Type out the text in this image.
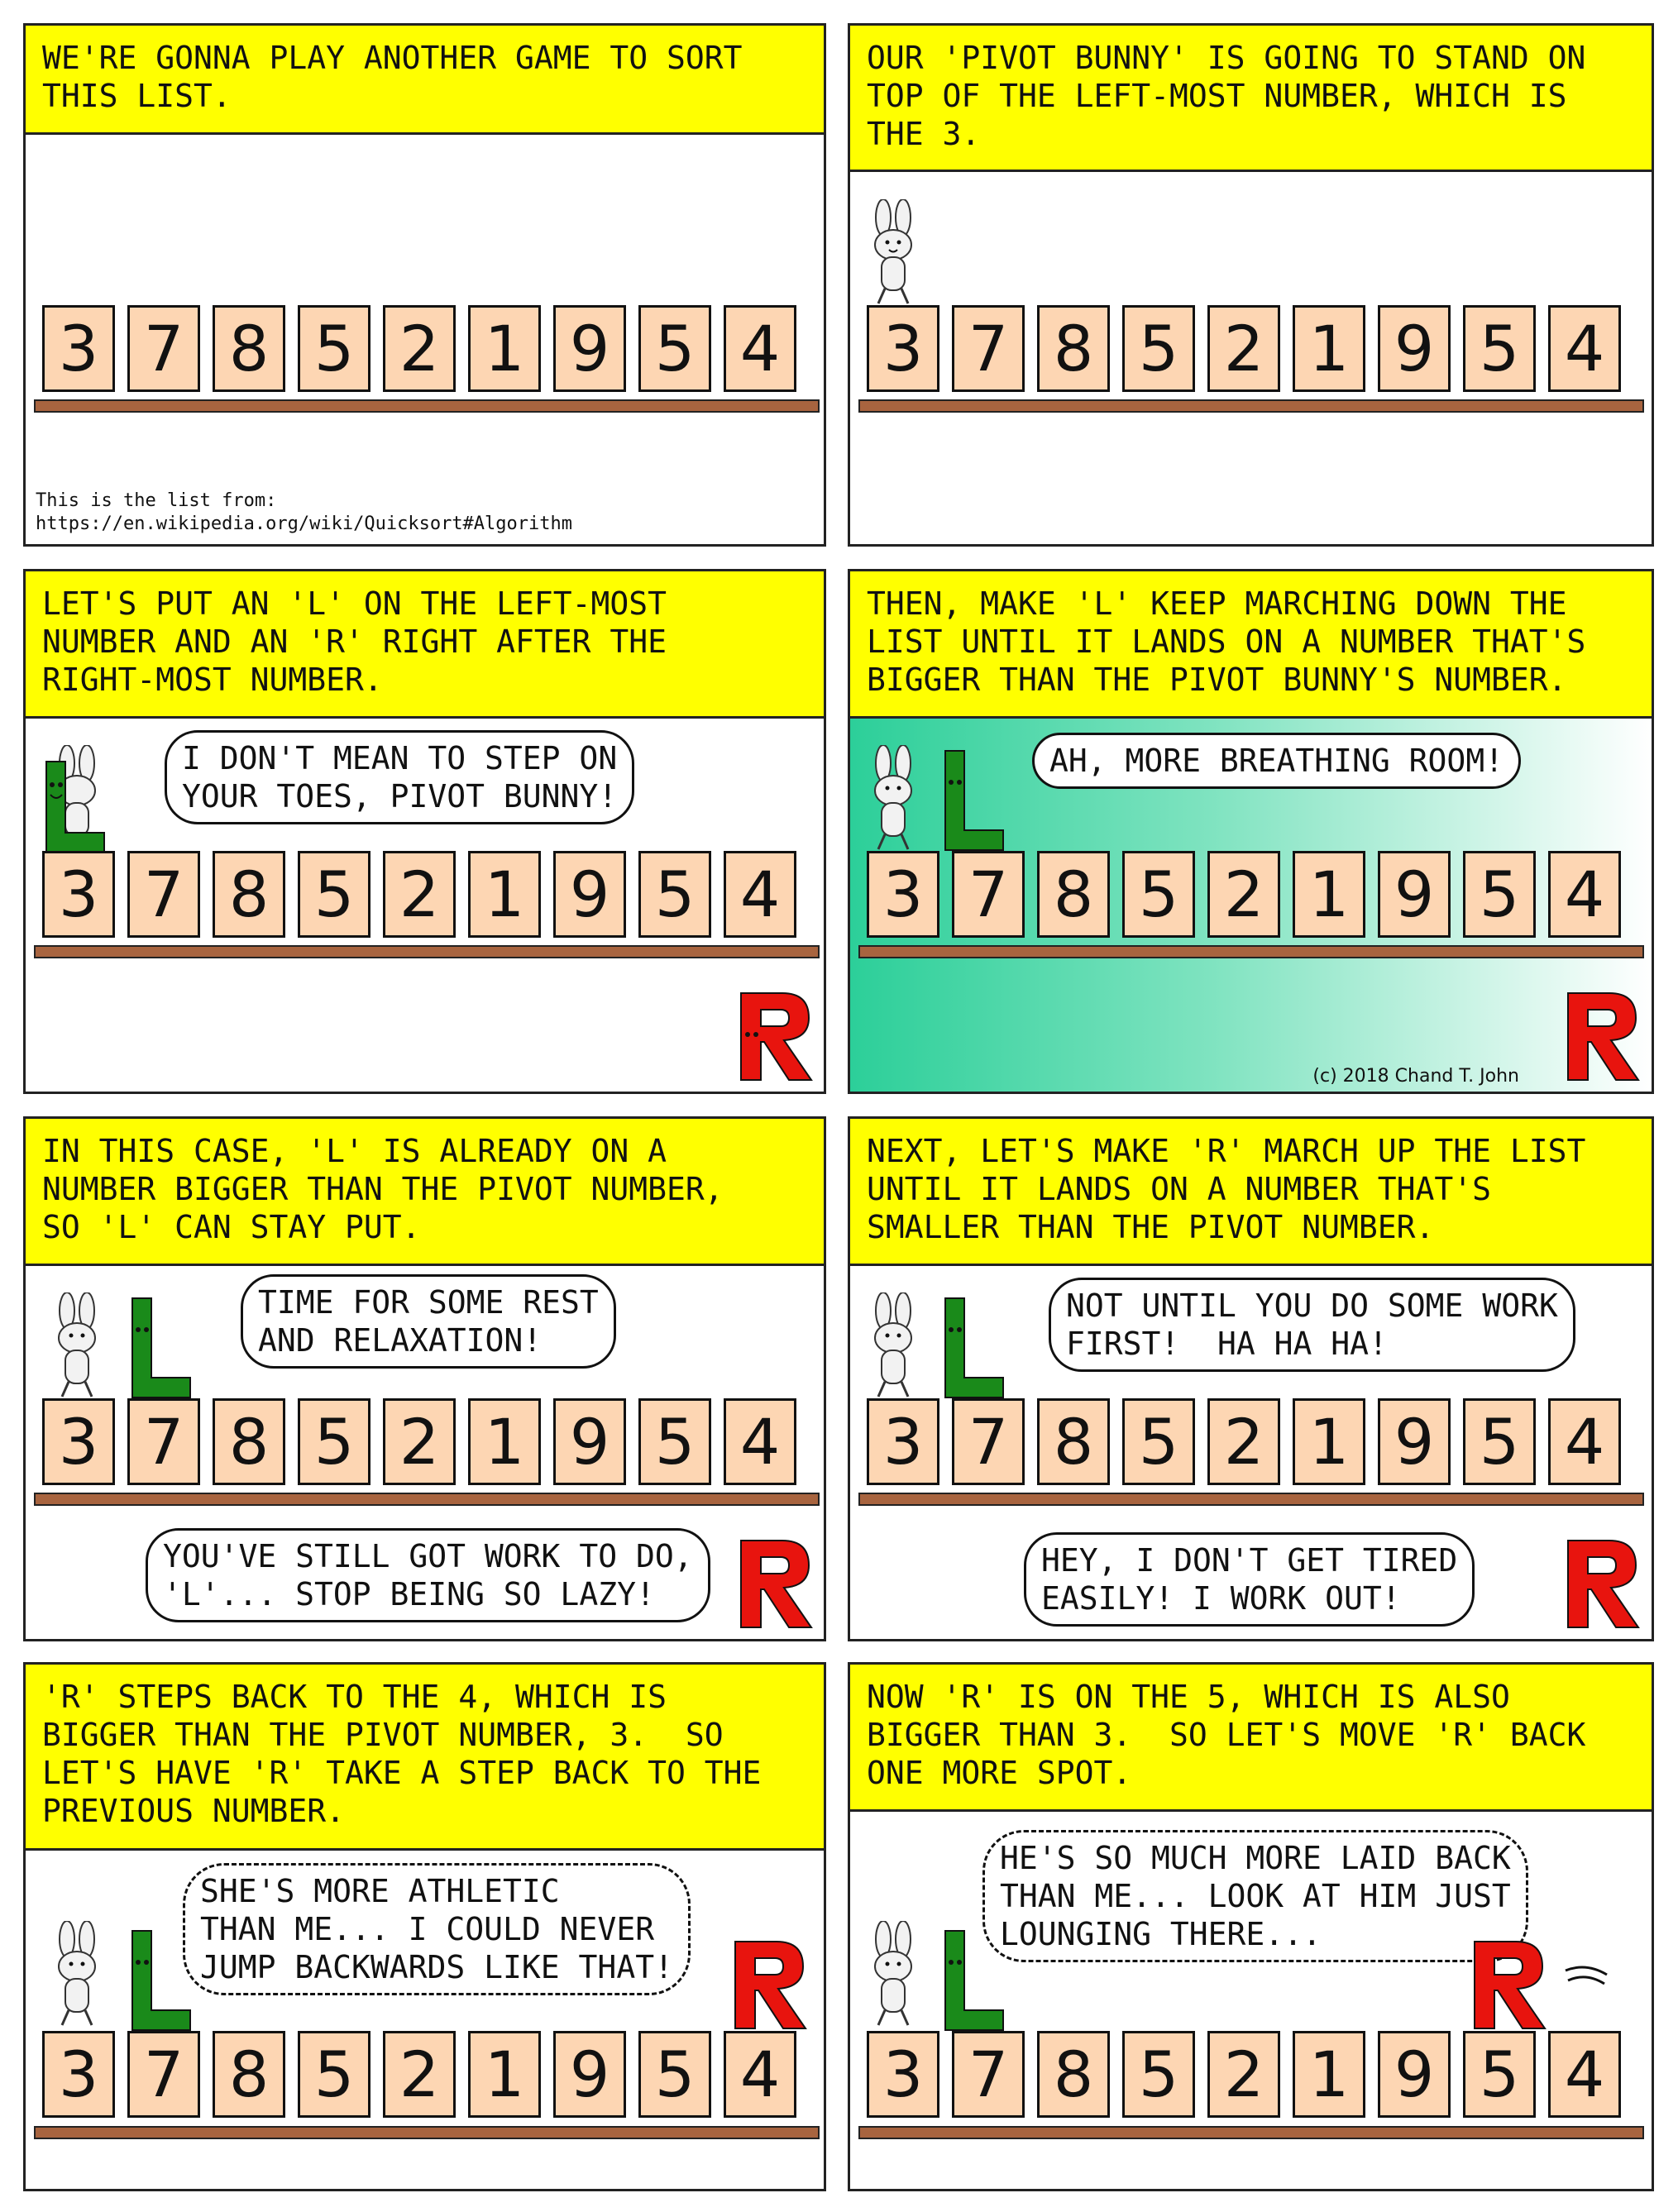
WE'RE GONNA PLAY ANOTHER GAME TO SORT
THIS LIST.
3 7 8 5 2 1 9 5 4
This is the list from:
https://en.wikipedia.org/wiki/Quicksort#Algorithm
OUR 'PIVOT BUNNY' IS GOING TO STAND ON
TOP OF THE LEFT-MOST NUMBER, WHICH IS
THE 3.
3 7 8 5 2 1 9 5 4
LET'S PUT AN 'L' ON THE LEFT-MOST
NUMBER AND AN 'R' RIGHT AFTER THE
RIGHT-MOST NUMBER.
I DON'T MEAN TO STEP ON
YOUR TOES, PIVOT BUNNY!
3 7 8 5 2 1 9 5 4
THEN, MAKE 'L' KEEP MARCHING DOWN THE
LIST UNTIL IT LANDS ON A NUMBER THAT'S
BIGGER THAN THE PIVOT BUNNY'S NUMBER.
AH, MORE BREATHING ROOM!
3 7 8 5 2 1 9 5 4
(c) 2018 Chand T. John
IN THIS CASE, 'L' IS ALREADY ON A
NUMBER BIGGER THAN THE PIVOT NUMBER,
SO 'L' CAN STAY PUT.
TIME FOR SOME REST
AND RELAXATION!
3 7 8 5 2 1 9 5 4
YOU'VE STILL GOT WORK TO DO,
'L'... STOP BEING SO LAZY!
NEXT, LET'S MAKE 'R' MARCH UP THE LIST
UNTIL IT LANDS ON A NUMBER THAT'S
SMALLER THAN THE PIVOT NUMBER.
NOT UNTIL YOU DO SOME WORK
FIRST!  HA HA HA!
3 7 8 5 2 1 9 5 4
HEY, I DON'T GET TIRED
EASILY! I WORK OUT!
'R' STEPS BACK TO THE 4, WHICH IS
BIGGER THAN THE PIVOT NUMBER, 3.  SO
LET'S HAVE 'R' TAKE A STEP BACK TO THE
PREVIOUS NUMBER.
SHE'S MORE ATHLETIC
THAN ME... I COULD NEVER
JUMP BACKWARDS LIKE THAT!
3 7 8 5 2 1 9 5 4
NOW 'R' IS ON THE 5, WHICH IS ALSO
BIGGER THAN 3.  SO LET'S MOVE 'R' BACK
ONE MORE SPOT.
HE'S SO MUCH MORE LAID BACK
THAN ME... LOOK AT HIM JUST
LOUNGING THERE...
3 7 8 5 2 1 9 5 4
